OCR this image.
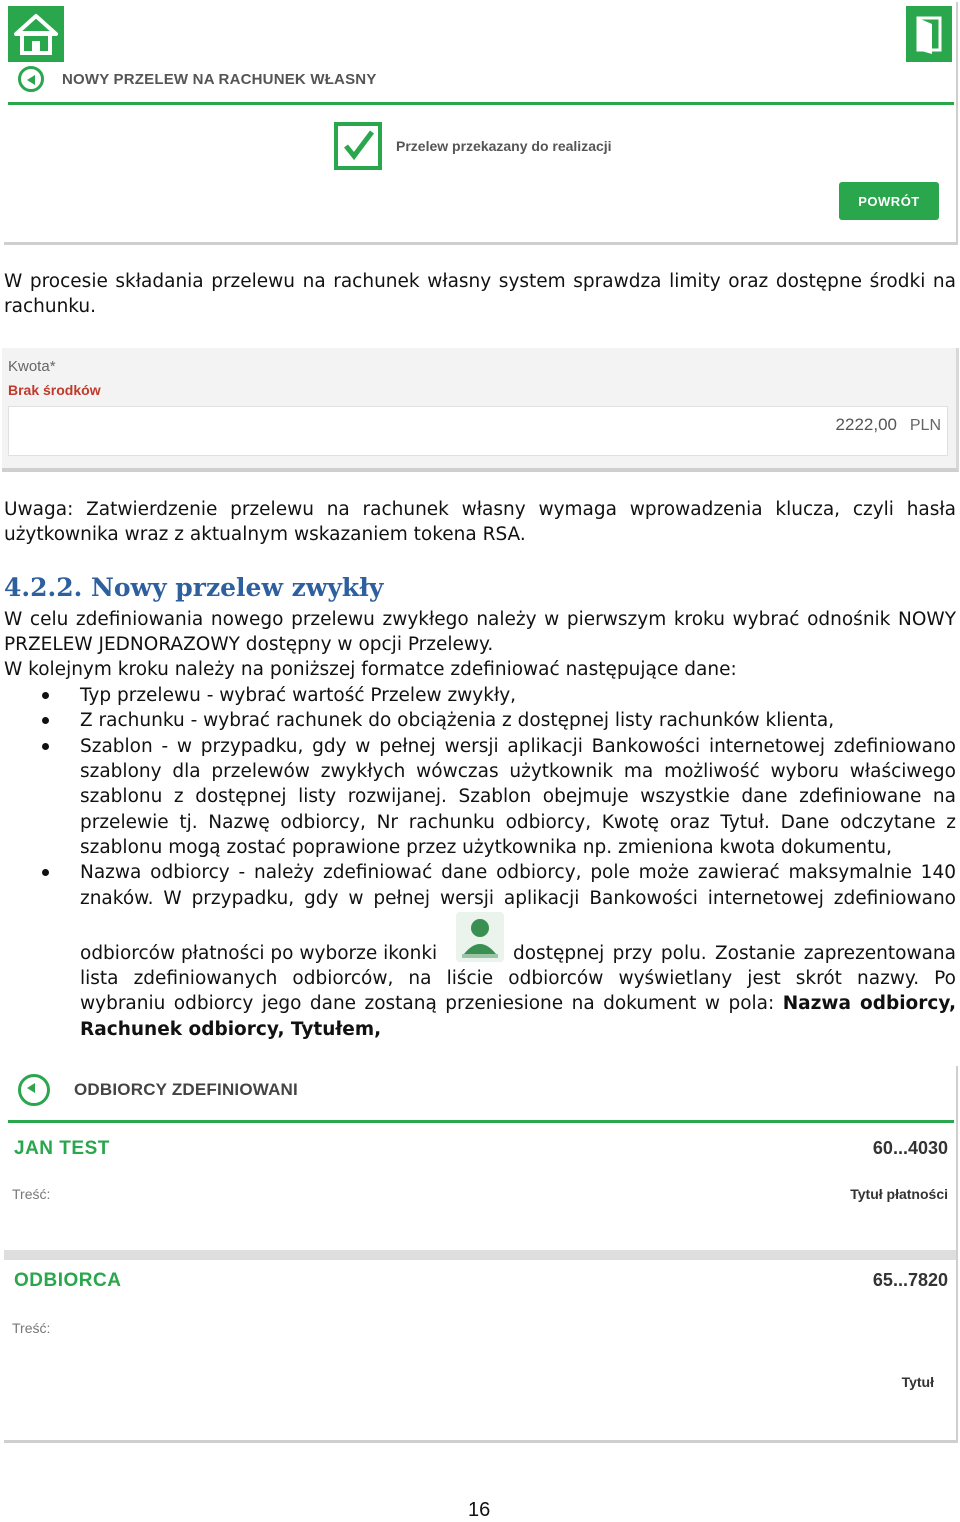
NOWY PRZELEW NA RACHUNEK WŁASNY
Przelew przekazany do realizacji
POWRÓT
W procesie składania przelewu na rachunek własny system sprawdza limity oraz dostępne środki na
rachunku.
Kwota*
Brak środków
2222,00 PLN
Uwaga: Zatwierdzenie przelewu na rachunek własny wymaga wprowadzenia klucza, czyli hasła
użytkownika wraz z aktualnym wskazaniem tokena RSA.
4.2.2. Nowy przelew zwykły
W celu zdefiniowania nowego przelewu zwykłego należy w pierwszym kroku wybrać odnośnik NOWY
PRZELEW JEDNORAZOWY dostępny w opcji Przelewy.
W kolejnym kroku należy na poniższej formatce zdefiniować następujące dane:
Typ przelewu - wybrać wartość Przelew zwykły,
Z rachunku - wybrać rachunek do obciążenia z dostępnej listy rachunków klienta,
Szablon - w przypadku, gdy w pełnej wersji aplikacji Bankowości internetowej zdefiniowano
szablony dla przelewów zwykłych wówczas użytkownik ma możliwość wyboru właściwego
szablonu z dostępnej listy rozwijanej. Szablon obejmuje wszystkie dane zdefiniowane na
przelewie tj. Nazwę odbiorcy, Nr rachunku odbiorcy, Kwotę oraz Tytuł. Dane odczytane z
szablonu mogą zostać poprawione przez użytkownika np. zmieniona kwota dokumentu,
Nazwa odbiorcy - należy zdefiniować dane odbiorcy, pole może zawierać maksymalnie 140
znaków. W przypadku, gdy w pełnej wersji aplikacji Bankowości internetowej zdefiniowano
odbiorców płatności po wyborze ikonki	dostępnej przy polu. Zostanie zaprezentowana
lista zdefiniowanych odbiorców, na liście odbiorców wyświetlany jest skrót nazwy. Po
wybraniu odbiorcy jego dane zostaną przeniesione na dokument w pola: Nazwa odbiorcy,
Rachunek odbiorcy, Tytułem,
ODBIORCY ZDEFINIOWANI
JAN TEST	60...4030
Treść:	Tytuł płatności
ODBIORCA	65...7820
Treść:
Tytuł
16
